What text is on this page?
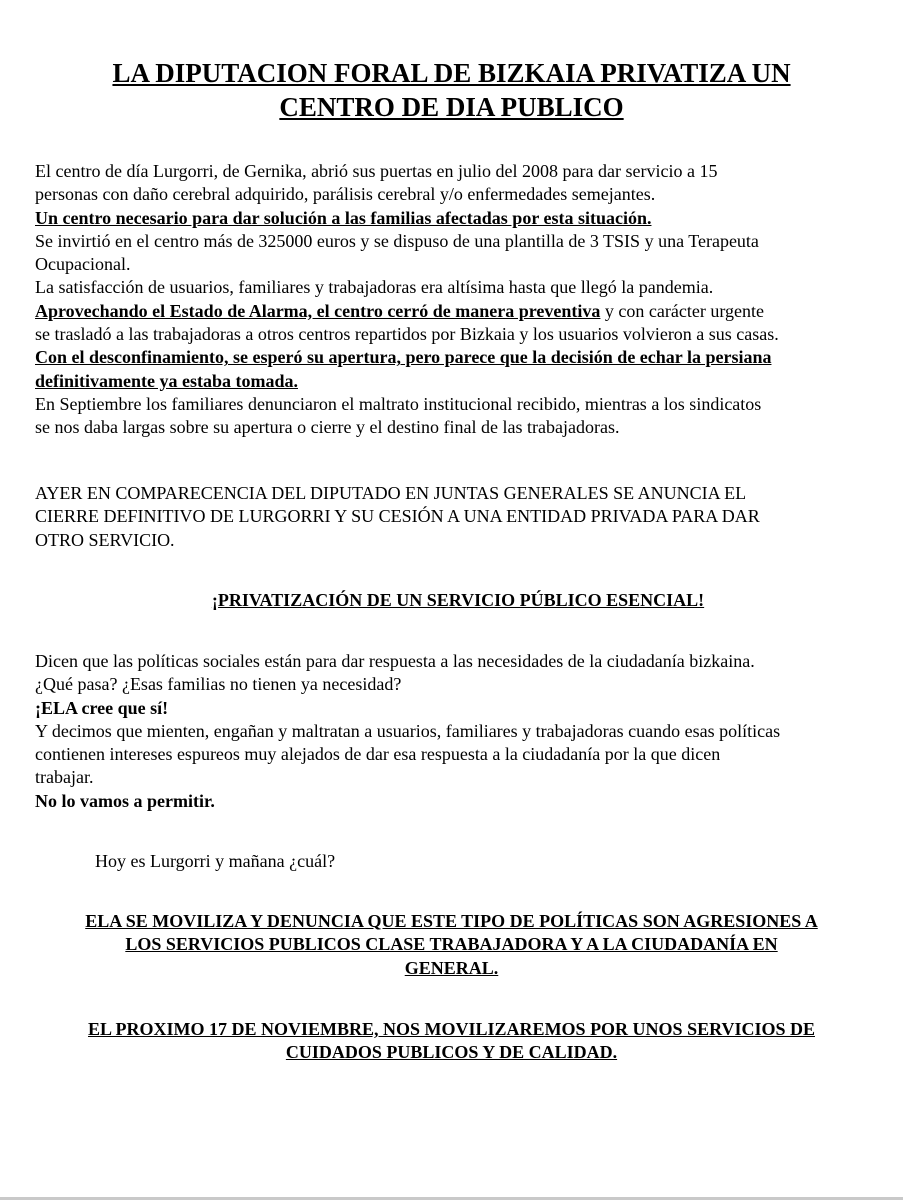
LA DIPUTACION FORAL DE BIZKAIA PRIVATIZA UN
CENTRO DE DIA PUBLICO
El centro de día Lurgorri, de Gernika, abrió sus puertas en julio del 2008 para dar servicio a 15
personas con daño cerebral adquirido, parálisis cerebral y/o enfermedades semejantes.
Un centro necesario para dar solución a las familias afectadas por esta situación.
Se invirtió en el centro más de 325000 euros y se dispuso de una plantilla de 3 TSIS y una Terapeuta
Ocupacional.
La satisfacción de usuarios, familiares y trabajadoras era altísima hasta que llegó la pandemia.
Aprovechando el Estado de Alarma, el centro cerró de manera preventiva y con carácter urgente
se trasladó a las trabajadoras a otros centros repartidos por Bizkaia y los usuarios volvieron a sus casas.
Con el desconfinamiento, se esperó su apertura, pero parece que la decisión de echar la persiana
definitivamente ya estaba tomada.
En Septiembre los familiares denunciaron el maltrato institucional recibido, mientras a los sindicatos
se nos daba largas sobre su apertura o cierre y el destino final de las trabajadoras.
AYER EN COMPARECENCIA DEL DIPUTADO EN JUNTAS GENERALES SE ANUNCIA EL
CIERRE DEFINITIVO DE LURGORRI Y SU CESIÓN A UNA ENTIDAD PRIVADA PARA DAR
OTRO SERVICIO.
¡PRIVATIZACIÓN DE UN SERVICIO PÚBLICO ESENCIAL!
Dicen que las políticas sociales están para dar respuesta a las necesidades de la ciudadanía bizkaina.
¿Qué pasa? ¿Esas familias no tienen ya necesidad?
¡ELA cree que sí!
Y decimos que mienten, engañan y maltratan a usuarios, familiares y trabajadoras cuando esas políticas
contienen intereses espureos muy alejados de dar esa respuesta a la ciudadanía por la que dicen
trabajar.
No lo vamos a permitir.
Hoy es Lurgorri y mañana ¿cuál?
ELA SE MOVILIZA Y DENUNCIA QUE ESTE TIPO DE POLÍTICAS SON AGRESIONES A
LOS SERVICIOS PUBLICOS CLASE TRABAJADORA Y A LA CIUDADANÍA EN
GENERAL.
EL PROXIMO 17 DE NOVIEMBRE, NOS MOVILIZAREMOS POR UNOS SERVICIOS DE
CUIDADOS PUBLICOS Y DE CALIDAD.
